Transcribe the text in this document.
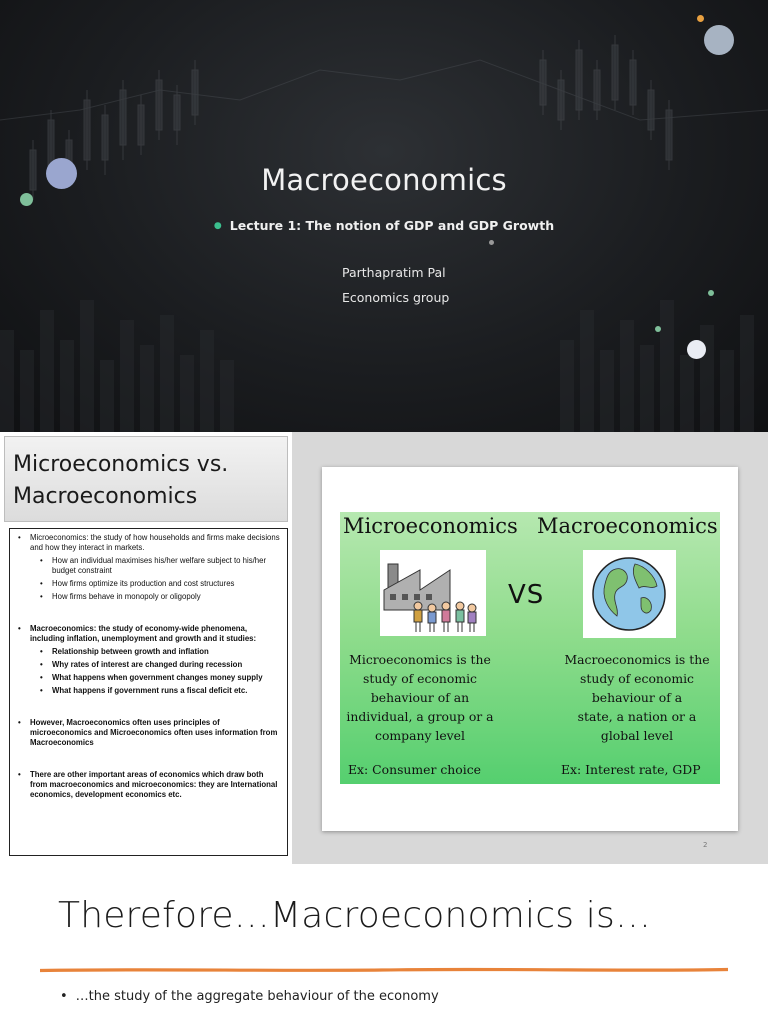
Macroeconomics
● Lecture 1: The notion of GDP and GDP Growth
Parthapratim Pal
Economics group
Microeconomics vs.
Macroeconomics
• Microeconomics: the study of how households and firms make decisions and how they interact in markets.
• How an individual maximises his/her welfare subject to his/her budget constraint
• How firms optimize its production and cost structures
• How firms behave in monopoly or oligopoly
• Macroeconomics: the study of economy-wide phenomena, including inflation, unemployment and growth and it studies:
• Relationship between growth and inflation
• Why rates of interest are changed during recession
• What happens when government changes money supply
• What happens if government runs a fiscal deficit etc.
• However, Macroeconomics often uses principles of microeconomics and Microeconomics often uses information from Macroeconomics
• There are other important areas of economics which draw both from macroeconomics and microeconomics: they are International economics, development economics etc.
Microeconomics Macroeconomics
VS
Microeconomics is the
study of economic
behaviour of an
individual, a group or a
company level
Macroeconomics is the
study of economic
behaviour of a
state, a nation or a
global level
Ex: Consumer choice	Ex: Interest rate, GDP
2
Therefore…Macroeconomics is…
• …the study of the aggregate behaviour of the economy
